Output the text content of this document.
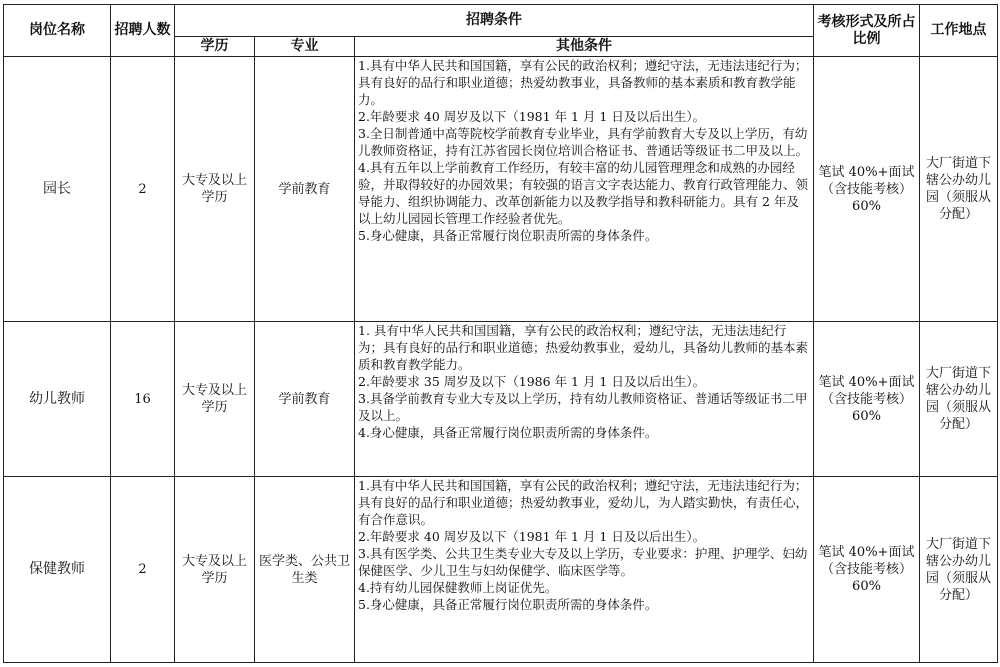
岗位名称	招聘人数	招聘条件			考核形式及所占比例	工作地点
		学历	专业	其他条件		
园长	2	大专及以上学历	学前教育	1.具有中华人民共和国国籍，享有公民的政治权利；遵纪守法，无违法违纪行为；具有良好的品行和职业道德；热爱幼教事业，具备教师的基本素质和教育教学能力。
2.年龄要求 40 周岁及以下（1981 年 1 月 1 日及以后出生）。
3.全日制普通中高等院校学前教育专业毕业，具有学前教育大专及以上学历，有幼儿教师资格证，持有江苏省园长岗位培训合格证书、普通话等级证书二甲及以上。
4.具有五年以上学前教育工作经历，有较丰富的幼儿园管理理念和成熟的办园经验，并取得较好的办园效果；有较强的语言文字表达能力、教育行政管理能力、领导能力、组织协调能力、改革创新能力以及教学指导和教科研能力。具有 2 年及以上幼儿园园长管理工作经验者优先。
5.身心健康，具备正常履行岗位职责所需的身体条件。	笔试 40%+面试（含技能考核）60%	大厂街道下辖公办幼儿园（须服从分配）
幼儿教师	16	大专及以上学历	学前教育	1. 具有中华人民共和国国籍，享有公民的政治权利；遵纪守法，无违法违纪行为；具有良好的品行和职业道德；热爱幼教事业，爱幼儿，具备幼儿教师的基本素质和教育教学能力。
2.年龄要求 35 周岁及以下（1986 年 1 月 1 日及以后出生）。
3.具备学前教育专业大专及以上学历，持有幼儿教师资格证、普通话等级证书二甲及以上。
4.身心健康，具备正常履行岗位职责所需的身体条件。	笔试 40%+面试（含技能考核）60%	大厂街道下辖公办幼儿园（须服从分配）
保健教师	2	大专及以上学历	医学类、公共卫生类	1.具有中华人民共和国国籍，享有公民的政治权利；遵纪守法，无违法违纪行为；具有良好的品行和职业道德；热爱幼教事业，爱幼儿，为人踏实勤快，有责任心，有合作意识。
2.年龄要求 40 周岁及以下（1981 年 1 月 1 日及以后出生）。
3.具有医学类、公共卫生类专业大专及以上学历，专业要求：护理、护理学、妇幼保健医学、少儿卫生与妇幼保健学、临床医学等。
4.持有幼儿园保健教师上岗证优先。
5.身心健康，具备正常履行岗位职责所需的身体条件。	笔试 40%+面试（含技能考核）60%	大厂街道下辖公办幼儿园（须服从分配）
